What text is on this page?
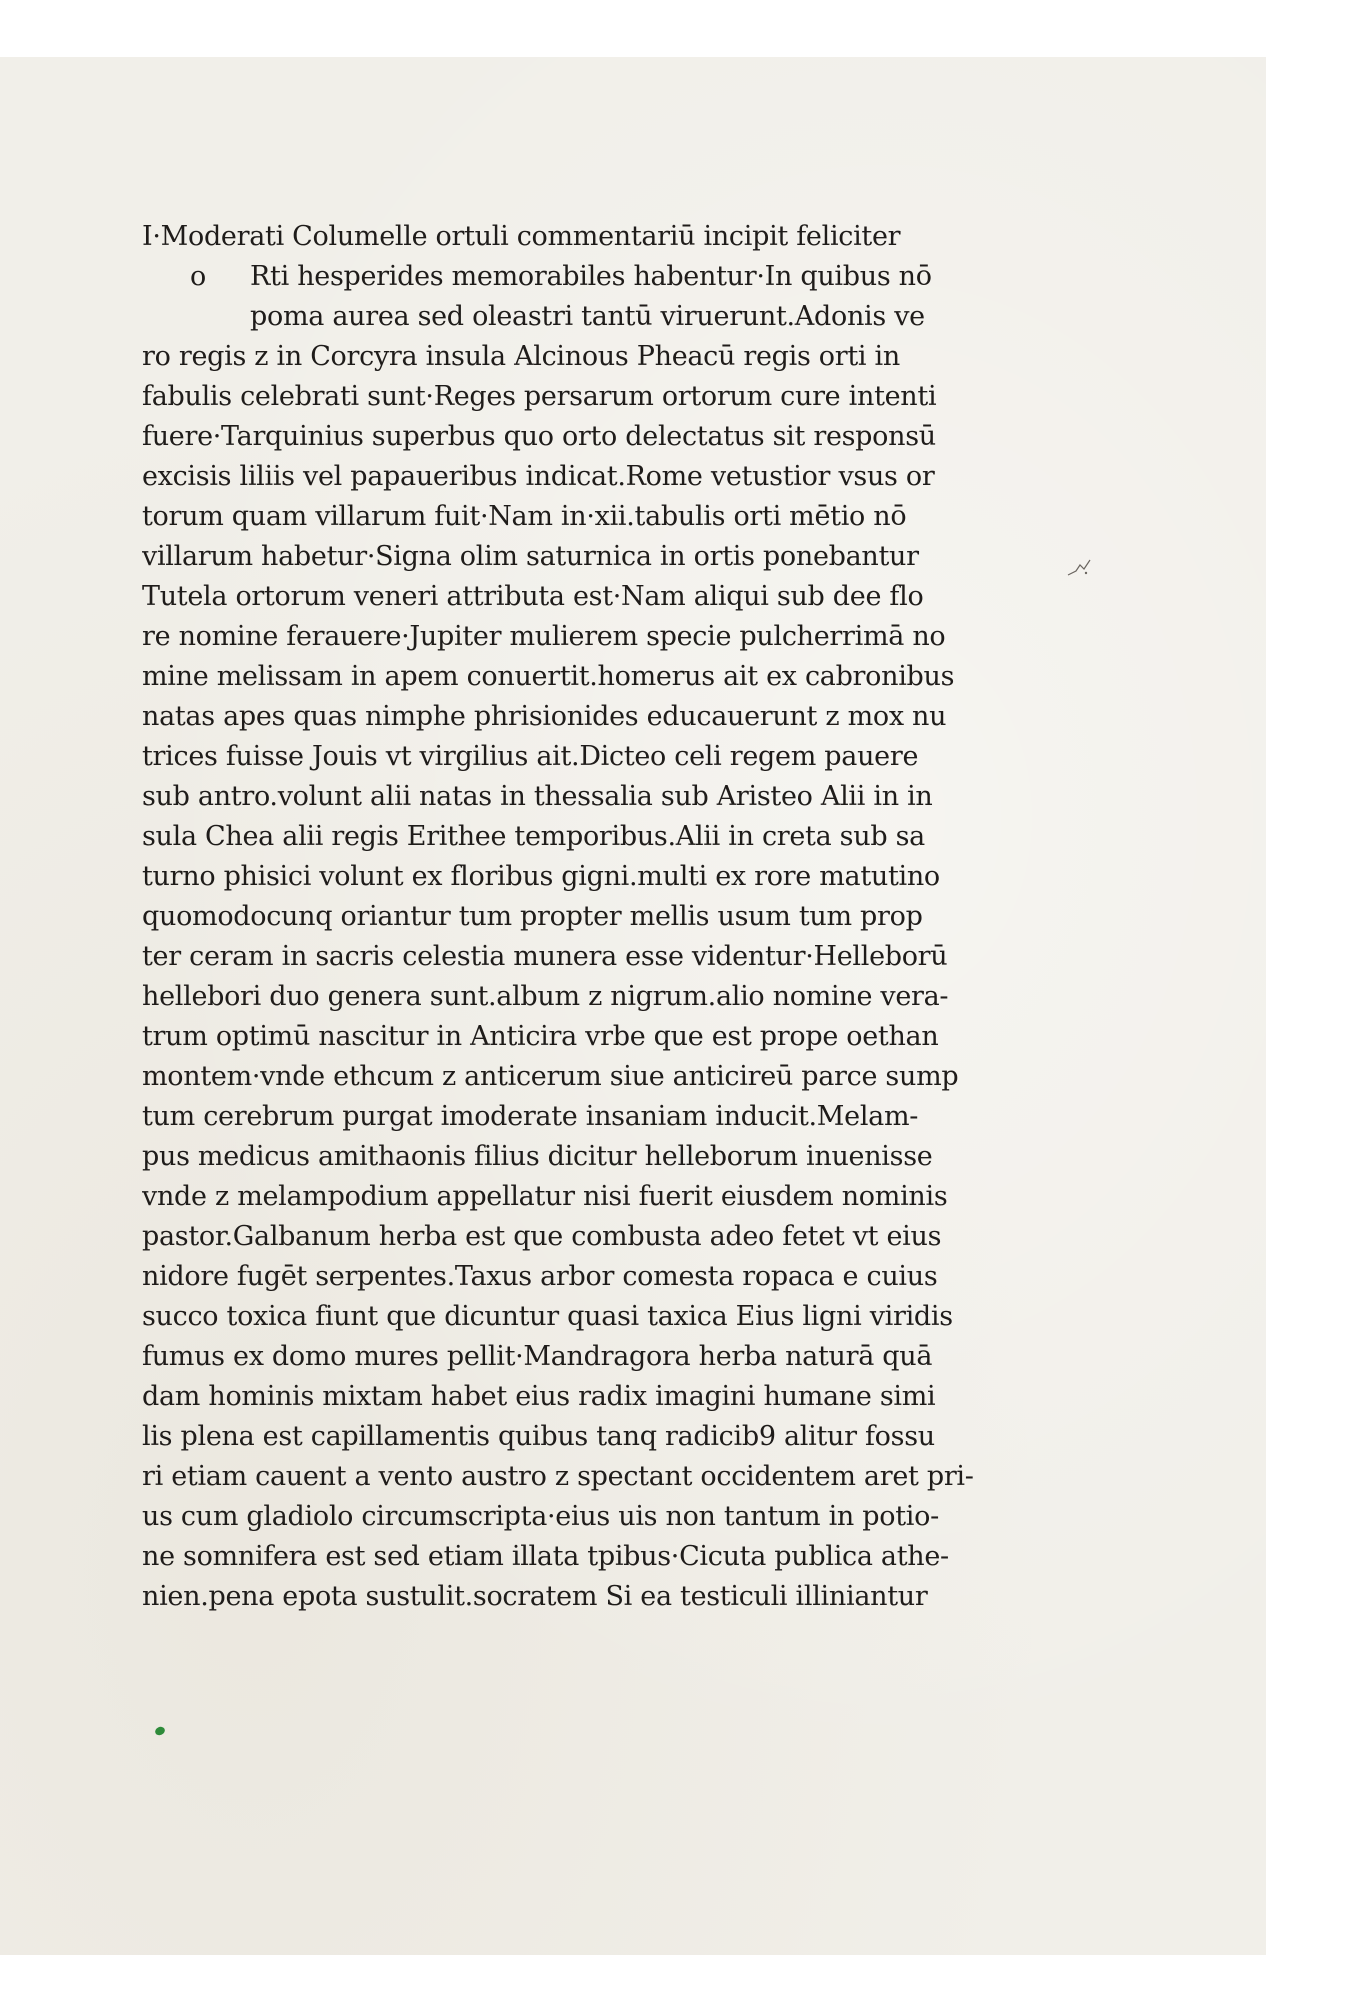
I·Moderati Columelle ortuli commentariū incipit feliciter
o	Rti hesperides memorabiles habentur·In quibus nō
poma aurea sed oleastri tantū viruerunt.Adonis ve
ro regis z in Corcyra insula Alcinous Pheacū regis orti in
fabulis celebrati sunt·Reges persarum ortorum cure intenti
fuere·Tarquinius superbus quo orto delectatus sit responsū
excisis liliis vel papaueribus indicat.Rome vetustior vsus or
torum quam villarum fuit·Nam in·xii.tabulis orti mētio nō
villarum habetur·Signa olim saturnica in ortis ponebantur
Tutela ortorum veneri attributa est·Nam aliqui sub dee flo
re nomine ferauere·Jupiter mulierem specie pulcherrimā no
mine melissam in apem conuertit.homerus ait ex cabronibus
natas apes quas nimphe phrisionides educauerunt z mox nu
trices fuisse Jouis vt virgilius ait.Dicteo celi regem pauere
sub antro.volunt alii natas in thessalia sub Aristeo Alii in in
sula Chea alii regis Erithee temporibus.Alii in creta sub sa
turno phisici volunt ex floribus gigni.multi ex rore matutino
quomodocunq oriantur tum propter mellis usum tum prop
ter ceram in sacris celestia munera esse videntur·Helleborū
hellebori duo genera sunt.album z nigrum.alio nomine vera-
trum optimū nascitur in Anticira vrbe que est prope oethan
montem·vnde ethcum z anticerum siue anticireū parce sump
tum cerebrum purgat imoderate insaniam inducit.Melam-
pus medicus amithaonis filius dicitur helleborum inuenisse
vnde z melampodium appellatur nisi fuerit eiusdem nominis
pastor.Galbanum herba est que combusta adeo fetet vt eius
nidore fugēt serpentes.Taxus arbor comesta ropaca e cuius
succo toxica fiunt que dicuntur quasi taxica Eius ligni viridis
fumus ex domo mures pellit·Mandragora herba naturā quā
dam hominis mixtam habet eius radix imagini humane simi
lis plena est capillamentis quibus tanq radicib9 alitur fossu
ri etiam cauent a vento austro z spectant occidentem aret pri-
us cum gladiolo circumscripta·eius uis non tantum in potio-
ne somnifera est sed etiam illata tpibus·Cicuta publica athe-
nien.pena epota sustulit.socratem Si ea testiculi illiniantur
